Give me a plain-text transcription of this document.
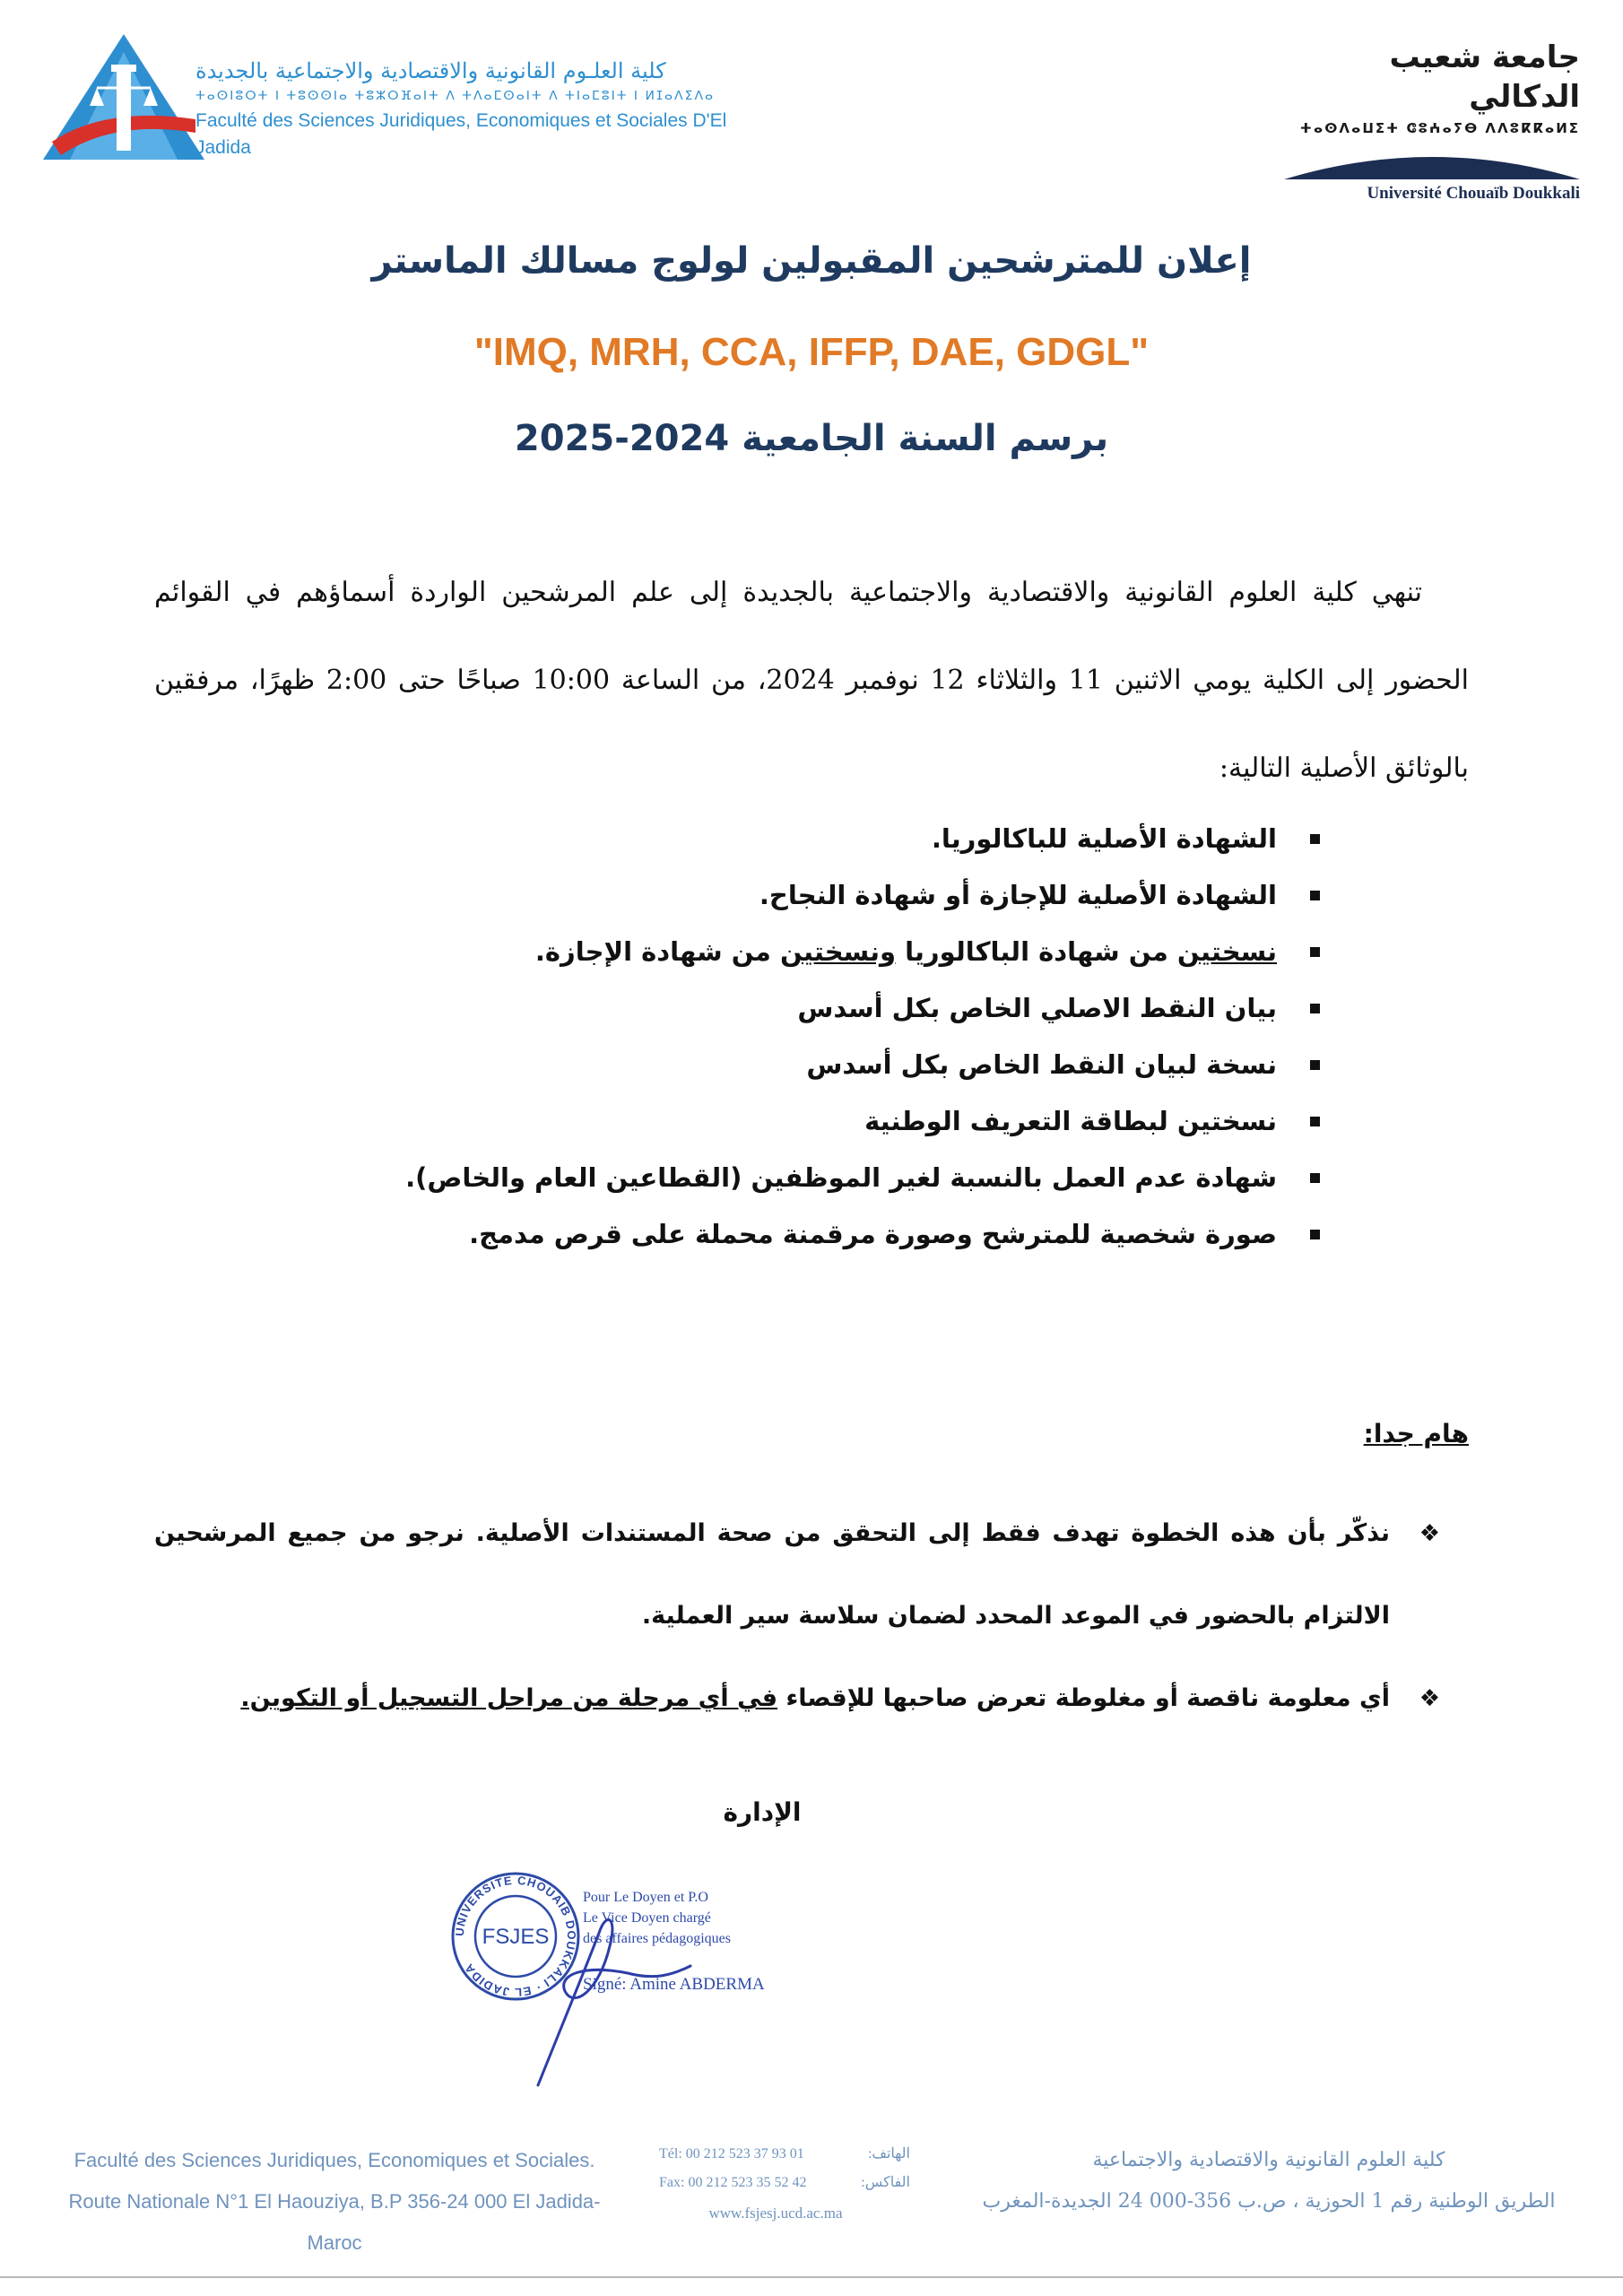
كلية العلـوم القانونية والاقتصادية والاجتماعية بالجديدة
ⵜⴰⵙⵏⵓⵔⵜ ⵏ ⵜⵓⵙⵙⵏⴰ ⵜⵓⵣⵔⴼⴰⵏⵜ ⴷ ⵜⴷⴰⵎⵙⴰⵏⵜ ⴷ ⵜⵏⴰⵎⵓⵏⵜ ⵏ ⵍⵊⴰⴷⵉⴷⴰ
Faculté des Sciences Juridiques, Economiques et Sociales D'El Jadida
جامعة شعيب الدكالي
ⵜⴰⵙⴷⴰⵡⵉⵜ ⵛⵓⵄⴰⵢⴱ ⴷⴷⵓⴽⴽⴰⵍⵉ
Université Chouaïb Doukkali
إعلان للمترشحين المقبولين لولوج مسالك الماستر
"IMQ, MRH, CCA, IFFP, DAE, GDGL"
برسم السنة الجامعية 2024-2025
تنهي كلية العلوم القانونية والاقتصادية والاجتماعية بالجديدة إلى علم المرشحين الواردة أسماؤهم في القوائم الحضور إلى الكلية يومي الاثنين 11 والثلاثاء 12 نوفمبر 2024، من الساعة 10:00 صباحًا حتى 2:00 ظهرًا، مرفقين بالوثائق الأصلية التالية:
الشهادة الأصلية للباكالوريا.
الشهادة الأصلية للإجازة أو شهادة النجاح.
نسختين من شهادة الباكالوريا ونسختين من شهادة الإجازة.
بيان النقط الاصلي الخاص بكل أسدس
نسخة لبيان النقط الخاص بكل أسدس
نسختين لبطاقة التعريف الوطنية
شهادة عدم العمل بالنسبة لغير الموظفين (القطاعين العام والخاص).
صورة شخصية للمترشح وصورة مرقمنة محملة على قرص مدمج.
هام جدا:
❖
نذكّر بأن هذه الخطوة تهدف فقط إلى التحقق من صحة المستندات الأصلية. نرجو من جميع المرشحين الالتزام بالحضور في الموعد المحدد لضمان سلاسة سير العملية.
❖
أي معلومة ناقصة أو مغلوطة تعرض صاحبها للإقصاء في أي مرحلة من مراحل التسجيل أو التكوين.
الإدارة
UNIVERSITE CHOUAIB DOUKKALI · EL JADIDA
FSJES
Pour Le Doyen et P.O
Le Vice Doyen chargé
des affaires pédagogiques
Signé: Amine ABDERMA
Faculté des Sciences Juridiques, Economiques et Sociales.
Route Nationale N°1 El Haouziya, B.P 356-24 000 El Jadida-Maroc
Tél: 00 212 523 37 93 01	الهاتف:
Fax: 00 212 523 35 52 42	الفاكس:
www.fsjesj.ucd.ac.ma
كلية العلوم القانونية والاقتصادية والاجتماعية
الطريق الوطنية رقم 1 الحوزية ، ص.ب 356-000 24 الجديدة-المغرب
